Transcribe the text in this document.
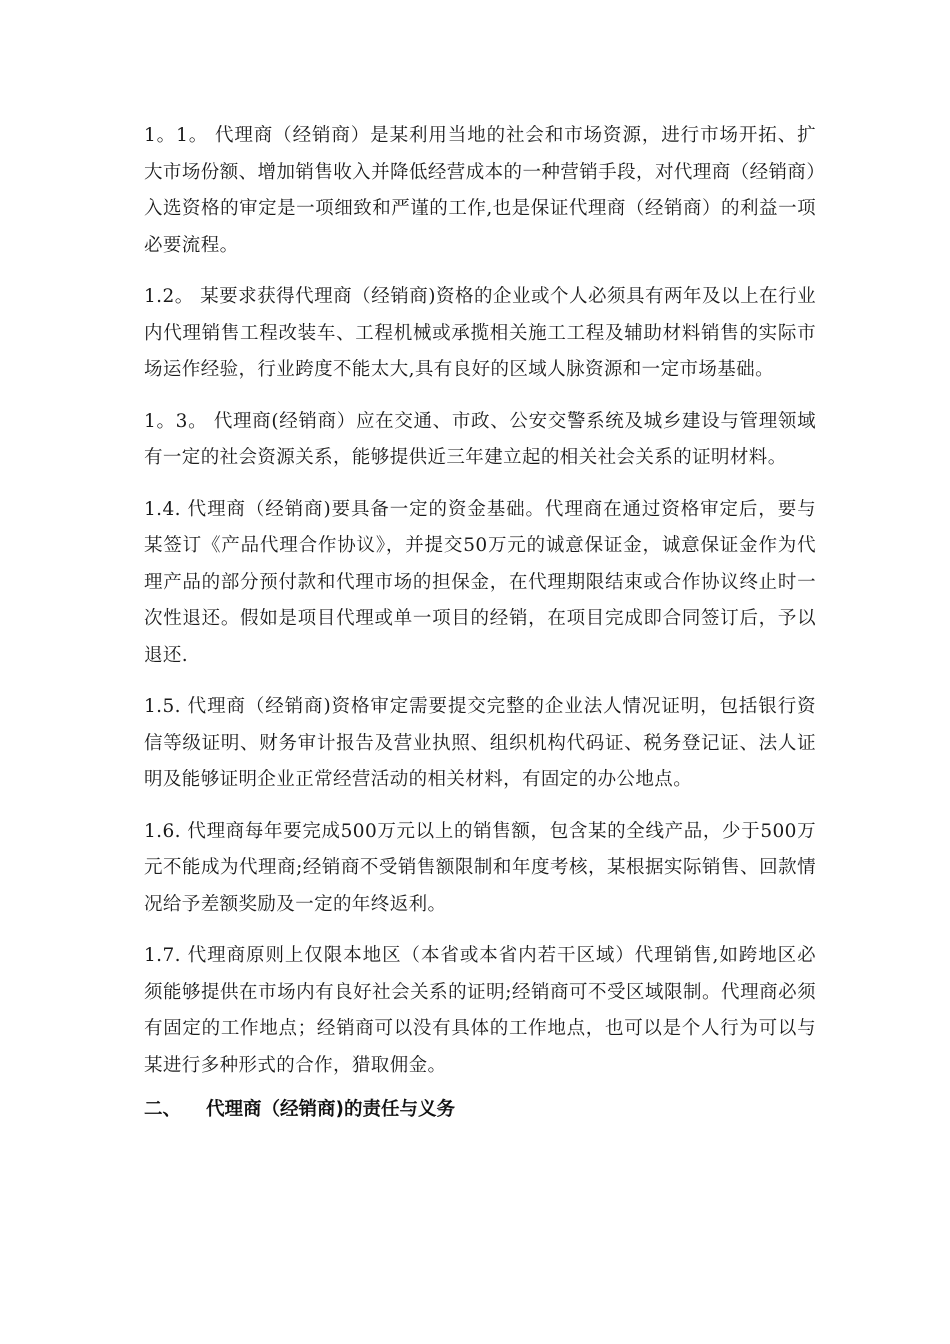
1。1。 代理商（经销商）是某利用当地的社会和市场资源，进行市场开拓、扩大市场份额、增加销售收入并降低经营成本的一种营销手段，对代理商（经销商）入选资格的审定是一项细致和严谨的工作,也是保证代理商（经销商）的利益一项必要流程。

1.2。 某要求获得代理商（经销商)资格的企业或个人必须具有两年及以上在行业内代理销售工程改装车、工程机械或承揽相关施工工程及辅助材料销售的实际市场运作经验，行业跨度不能太大,具有良好的区域人脉资源和一定市场基础。

1。3。 代理商(经销商）应在交通、市政、公安交警系统及城乡建设与管理领域有一定的社会资源关系，能够提供近三年建立起的相关社会关系的证明材料。

1.4. 代理商（经销商)要具备一定的资金基础。代理商在通过资格审定后，要与某签订《产品代理合作协议》，并提交50万元的诚意保证金，诚意保证金作为代理产品的部分预付款和代理市场的担保金，在代理期限结束或合作协议终止时一次性退还。假如是项目代理或单一项目的经销，在项目完成即合同签订后，予以退还.

1.5. 代理商（经销商)资格审定需要提交完整的企业法人情况证明，包括银行资信等级证明、财务审计报告及营业执照、组织机构代码证、税务登记证、法人证明及能够证明企业正常经营活动的相关材料，有固定的办公地点。

1.6. 代理商每年要完成500万元以上的销售额，包含某的全线产品，少于500万元不能成为代理商;经销商不受销售额限制和年度考核，某根据实际销售、回款情况给予差额奖励及一定的年终返利。

1.7. 代理商原则上仅限本地区（本省或本省内若干区域）代理销售,如跨地区必须能够提供在市场内有良好社会关系的证明;经销商可不受区域限制。代理商必须有固定的工作地点；经销商可以没有具体的工作地点，也可以是个人行为可以与某进行多种形式的合作，猎取佣金。

二、	代理商（经销商)的责任与义务
